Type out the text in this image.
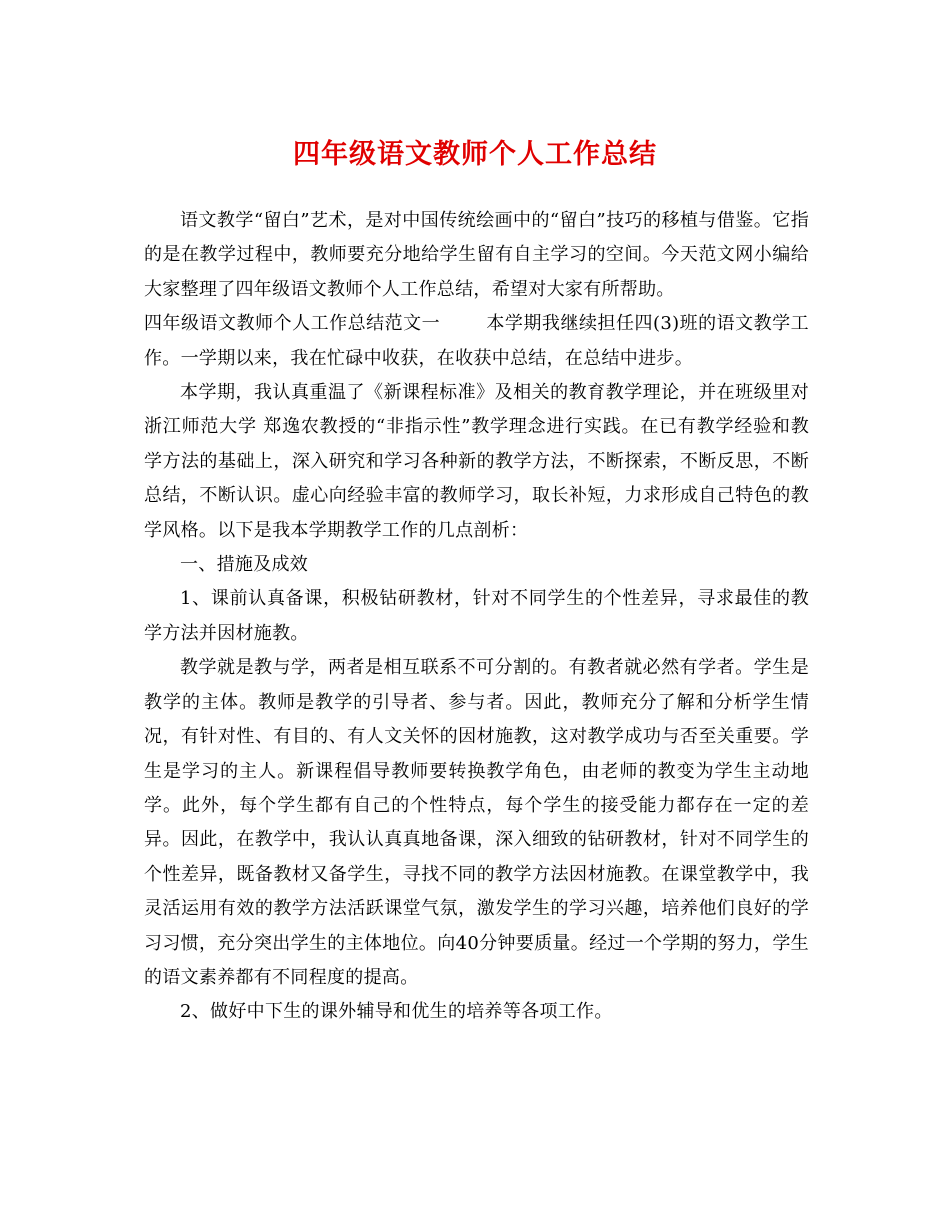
四年级语文教师个人工作总结

语文教学“留白”艺术，是对中国传统绘画中的“留白”技巧的移植与借鉴。它指的是在教学过程中，教师要充分地给学生留有自主学习的空间。今天范文网小编给大家整理了四年级语文教师个人工作总结，希望对大家有所帮助。

四年级语文教师个人工作总结范文一	本学期我继续担任四(3)班的语文教学工作。一学期以来，我在忙碌中收获，在收获中总结，在总结中进步。

本学期，我认真重温了《新课程标准》及相关的教育教学理论，并在班级里对浙江师范大学 郑逸农教授的“非指示性”教学理念进行实践。在已有教学经验和教学方法的基础上，深入研究和学习各种新的教学方法，不断探索，不断反思，不断总结，不断认识。虚心向经验丰富的教师学习，取长补短，力求形成自己特色的教学风格。以下是我本学期教学工作的几点剖析：

一、措施及成效

1、课前认真备课，积极钻研教材，针对不同学生的个性差异，寻求最佳的教学方法并因材施教。

教学就是教与学，两者是相互联系不可分割的。有教者就必然有学者。学生是教学的主体。教师是教学的引导者、参与者。因此，教师充分了解和分析学生情况，有针对性、有目的、有人文关怀的因材施教，这对教学成功与否至关重要。学生是学习的主人。新课程倡导教师要转换教学角色，由老师的教变为学生主动地学。此外，每个学生都有自己的个性特点，每个学生的接受能力都存在一定的差异。因此，在教学中，我认认真真地备课，深入细致的钻研教材，针对不同学生的个性差异，既备教材又备学生，寻找不同的教学方法因材施教。在课堂教学中，我灵活运用有效的教学方法活跃课堂气氛，激发学生的学习兴趣，培养他们良好的学习习惯，充分突出学生的主体地位。向40分钟要质量。经过一个学期的努力，学生的语文素养都有不同程度的提高。

2、做好中下生的课外辅导和优生的培养等各项工作。
